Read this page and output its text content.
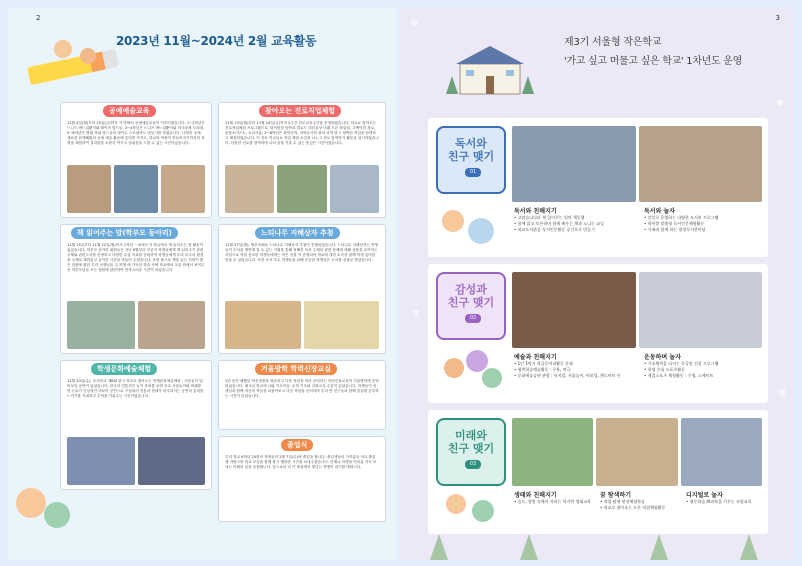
2
2023년 11월~2024년 2월 교육활동
공예예술교육
12월 4일(월)부터 15일(금)까지 각 반에서 공예예술교육이 이루어졌습니다. 1~2학년은 드니드 바느질뿐이와 레이즈 맛드들, 3~4학년은 드니즈 바느질뿐이와 미크라메 도리매, 5~6학년은 별림 하와 맛드들과 빛이수 스트링아트 만들기를 하였습니다. 다양한 공예 재료를 탐색해봤과 공예 예술 활동에 흥미를 가지고, 하나의 작품이 만들어지기까지의 과정을 체험하여 결과물을 소중히 여기고 성취감을 느낄 수 있는 시간이었습니다.
찾아오는 진로직업체험
11월 13일(월)부터 11월 24일(금)까지 2주간 진로교육주간을 운영하였습니다. 학교로 찾아오는 진로직업체험 프로그램으로 '화석탐험 동아리-클로드 리더십상 미래 드론 파일럿, 고백이한 경로, 동물소이스트, 요리사홈, 3~6학년은 화학공학, 과학수사학 창의 과학 탐구 정박선 직업을 탐색하고 체험하였습니다. 이 진로 학교들로 직업 체험 소감을 나누고 진로 탐색하기 활동을 실시하였습니다. 다양한 진로를 탐색하며 나의 꿈을 키울 수 있는 뜻깊은 시간이었습니다.
책 읽어주는 맘(학부모 동아리)
11월 15일부터 11월 22일(월)까지 1학년 ~ 6학년 각 학급에서 책 읽어주는 맘 활동이 있었습니다. 학부모 동아리 회원들은 지난 6월부터 꾸준히 학생들에게 책 읽어주기 관련 주제와 관련도서를 선정하고 다양한 수업 자료를 준비하여 학생들에게 우리 모두의 환경을 주제로 재미있고 유익한 시간을 만들어 주셨습니다. 또한 줌으로 책을 읽는 사람이 많은 한편에 원한 우리 선생님들 주 학생 에 가득찬 학습 속에 학교에서 교실 안에서 보여주신 학부모님들 모든 평원에 관련하여 만족스러운 시간이 되었습니다.
느티나무 지혜상자 추첨
11월 27일(월), 방송조회로 느티나무 지혜상자 추첨이 진행되었습니다. 느티나무 지혜상자는 학생들이 도서관 방연계 알 수 있는 기회를 통해 정해진 독서 주제의 관련 문제에 대해 상품을 수여하는 사업으로 직접 응모한 학생들에게는 작은 선물 이 증정되어 학교에 대한 소속감 함께 학생 흥미를 얻을 수 있었습니다. 또한 독서 우수 학생들을 위해 우승한 학생들은 도서를 선물로 받았습니다.
학생문화예술체험
12월 20일(수), 우리학교 제8회 한국 학교로 찾아오는 학생문화예술체험 - 서울놀이 및 비보잉 공연이 있었습니다. 한국의 전통적인 놀이 문화를 보며 우수 서울놀이와 미래를 만 군무가 인상적인 비보이 공연으로 구성되어 전통과 현대가 어우러지는 공연의 흥미를 느끼기를 기대하고 추억을 키워주는 시간이었습니다.
겨울방학 학력신장교실
1년 동안 배웠던 학습내용을 복습하고 다음 학년을 미리 준비하는 학력신장교실이 겨울방학에 운영되었습니다. 매 5일 학교에 나와 기초학습, 수학 기초와 심화교실 수업이 있었습니다. 학생들이 선생님과 함께 자신의 학습을 되돌아보고 다음 학년을 준비하며 우리 반 친구들과 함께 즐겁게 공부하는 시간이 되었습니다.
졸업식
우리 학교 6학년 20명의 학생들이 2월 7일(수)에 졸업을 합니다. 졸업생들의 가족분들 이나 졸업생 자랑스런 학교 모습을 함께 찾고 행복한 시간을 보내주셨습니다. 언제나 학생을 여러분 가득 보내는 미래의 꿈을 응원합니다. 앞으로의 더 큰 세상에서 빛나는 학생이 되기를 바랍니다.
3
제3기 서울형 작은학교
'가고 싶고 머물고 싶은 학교' 1차년도 운영
독서와
친구 맺기
01
독서와 친해지기
• 고맙습니다라 책 읽어주는 엄마 책동행
• 함께 읽고 토론하며 함께 배우는 책과 노니는 교실
• 학교도서관을 독서인문활동 공간으로 만들기
독서와 놀자
• 알알로 운영하는 다양한 도서관 프로그램
• 학년별 맞춤형 독서인문체험활동
• 가족과 함께 하는 열정독서한마당
감성과
친구 맺기
02
예술과 친해지기
• 1인 1악기 학급동아리활동 운영
• 협력학습예술활동 : 무용, 연극
• 문화예술공연 관람 : 뮤지컬, 서울놀이, 비보잉, 캔드아트 등
운동하며 놀자
• 기초체력을 다지는 동곡말 건강 프로그램
• 학생 중심 스포츠활동
• 계절스포츠 체험활동 : 수영, 스케이트
미래와
친구 맺기
03
생태와 친해지기
• 숲드, 정원 속에서 자라는 학기반 생태교육
꿈 탐색하기
• 직업 탐색 현장체험학습
• 학교로 찾아오는 드론 직업체험활동
디지털로 놀자
• 협동학습 AI과학을 키우는 코딩교육
❄
❄
❄
❄
